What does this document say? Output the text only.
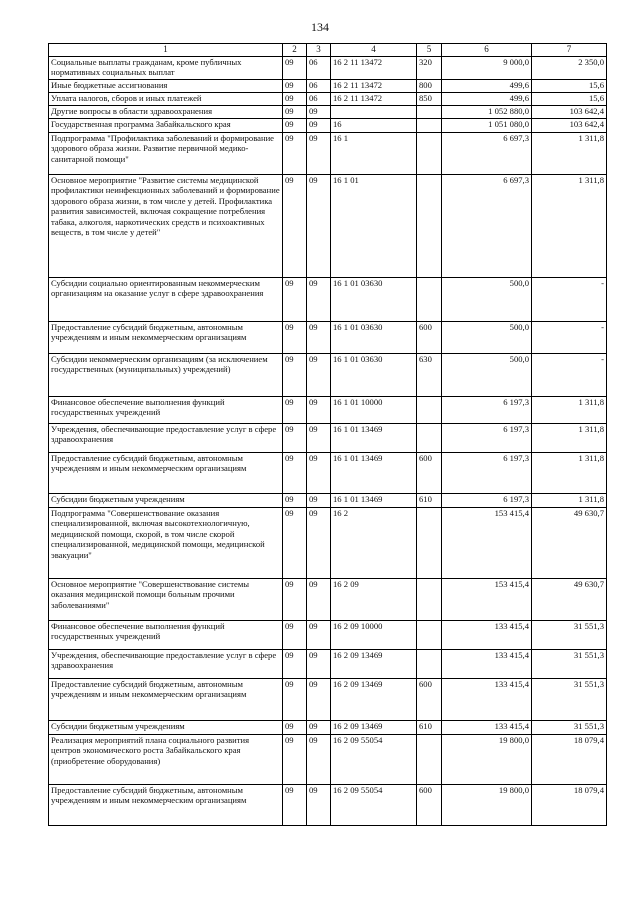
134
1	2	3	4	5	6	7
Социальные выплаты гражданам, кроме публичных нормативных социальных выплат	09	06	16 2 11 13472	320	9 000,0	2 350,0
Иные бюджетные ассигнования	09	06	16 2 11 13472	800	499,6	15,6
Уплата налогов, сборов и иных платежей	09	06	16 2 11 13472	850	499,6	15,6
Другие вопросы в области здравоохранения	09	09			1 052 880,0	103 642,4
Государственная программа Забайкальского края	09	09	16		1 051 080,0	103 642,4
Подпрограмма "Профилактика заболеваний и формирование здорового образа жизни. Развитие первичной медико-санитарной помощи"	09	09	16 1		6 697,3	1 311,8
Основное мероприятие "Развитие системы медицинской профилактики неинфекционных заболеваний и формирование здорового образа жизни, в том числе у детей. Профилактика развития зависимостей, включая сокращение потребления табака, алкоголя, наркотических средств и психоактивных веществ, в том числе у детей"	09	09	16 1 01		6 697,3	1 311,8
Субсидии социально ориентированным некоммерческим организациям на оказание услуг в сфере здравоохранения	09	09	16 1 01 03630		500,0	-
Предоставление субсидий бюджетным, автономным учреждениям и иным некоммерческим организациям	09	09	16 1 01 03630	600	500,0	-
Субсидии некоммерческим организациям (за исключением государственных (муниципальных) учреждений)	09	09	16 1 01 03630	630	500,0	-
Финансовое обеспечение выполнения функций государственных учреждений	09	09	16 1 01 10000		6 197,3	1 311,8
Учреждения, обеспечивающие предоставление услуг в сфере здравоохранения	09	09	16 1 01 13469		6 197,3	1 311,8
Предоставление субсидий бюджетным, автономным учреждениям и иным некоммерческим организациям	09	09	16 1 01 13469	600	6 197,3	1 311,8
Субсидии бюджетным учреждениям	09	09	16 1 01 13469	610	6 197,3	1 311,8
Подпрограмма "Совершенствование оказания специализированной, включая высокотехнологичную, медицинской помощи, скорой, в том числе скорой специализированной, медицинской помощи, медицинской эвакуации"	09	09	16 2		153 415,4	49 630,7
Основное мероприятие "Совершенствование системы оказания медицинской помощи больным прочими заболеваниями"	09	09	16 2 09		153 415,4	49 630,7
Финансовое обеспечение выполнения функций государственных учреждений	09	09	16 2 09 10000		133 415,4	31 551,3
Учреждения, обеспечивающие предоставление услуг в сфере здравоохранения	09	09	16 2 09 13469		133 415,4	31 551,3
Предоставление субсидий бюджетным, автономным учреждениям и иным некоммерческим организациям	09	09	16 2 09 13469	600	133 415,4	31 551,3
Субсидии бюджетным учреждениям	09	09	16 2 09 13469	610	133 415,4	31 551,3
Реализация мероприятий плана социального развития центров экономического роста Забайкальского края (приобретение оборудования)	09	09	16 2 09 55054		19 800,0	18 079,4
Предоставление субсидий бюджетным, автономным учреждениям и иным некоммерческим организациям	09	09	16 2 09 55054	600	19 800,0	18 079,4
